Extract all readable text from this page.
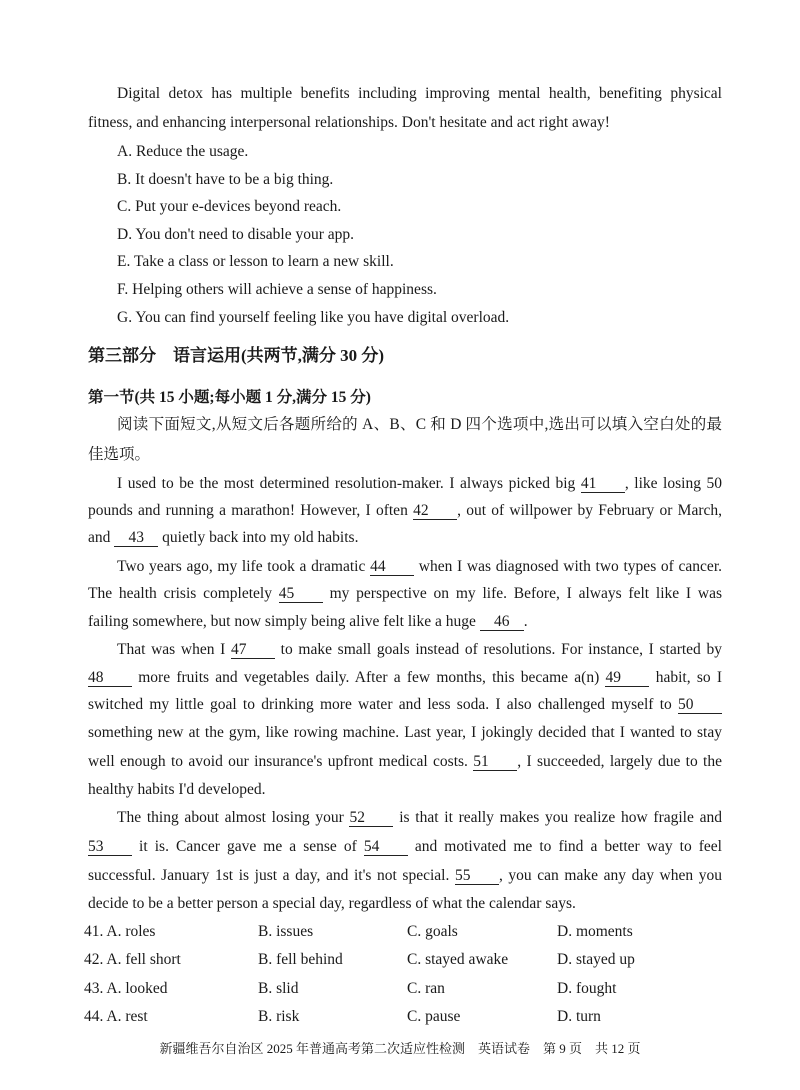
Digital detox has multiple benefits including improving mental health, benefiting physical
fitness, and enhancing interpersonal relationships. Don't hesitate and act right away!
A. Reduce the usage.
B. It doesn't have to be a big thing.
C. Put your e-devices beyond reach.
D. You don't need to disable your app.
E. Take a class or lesson to learn a new skill.
F. Helping others will achieve a sense of happiness.
G. You can find yourself feeling like you have digital overload.
第三部分　语言运用(共两节,满分 30 分)
第一节(共 15 小题;每小题 1 分,满分 15 分)
阅读下面短文,从短文后各题所给的 A、B、C 和 D 四个选项中,选出可以填入空白处的最
佳选项。
I used to be the most determined resolution-maker. I always picked big 41 , like losing 50
pounds and running a marathon! However, I often 42 , out of willpower by February or March,
and 43 quietly back into my old habits.
Two years ago, my life took a dramatic 44 when I was diagnosed with two types of cancer.
The health crisis completely 45 my perspective on my life. Before, I always felt like I was
failing somewhere, but now simply being alive felt like a huge 46 .
That was when I 47 to make small goals instead of resolutions. For instance, I started by
48 more fruits and vegetables daily. After a few months, this became a(n) 49 habit, so I
switched my little goal to drinking more water and less soda. I also challenged myself to 50
something new at the gym, like rowing machine. Last year, I jokingly decided that I wanted to stay
well enough to avoid our insurance's upfront medical costs. 51 , I succeeded, largely due to the
healthy habits I'd developed.
The thing about almost losing your 52 is that it really makes you realize how fragile and
53 it is. Cancer gave me a sense of 54 and motivated me to find a better way to feel
successful. January 1st is just a day, and it's not special. 55 , you can make any day when you
decide to be a better person a special day, regardless of what the calendar says.
41. A. roles	B. issues	C. goals	D. moments
42. A. fell short	B. fell behind	C. stayed awake	D. stayed up
43. A. looked	B. slid	C. ran	D. fought
44. A. rest	B. risk	C. pause	D. turn
新疆维吾尔自治区 2025 年普通高考第二次适应性检测　英语试卷　第 9 页　共 12 页
